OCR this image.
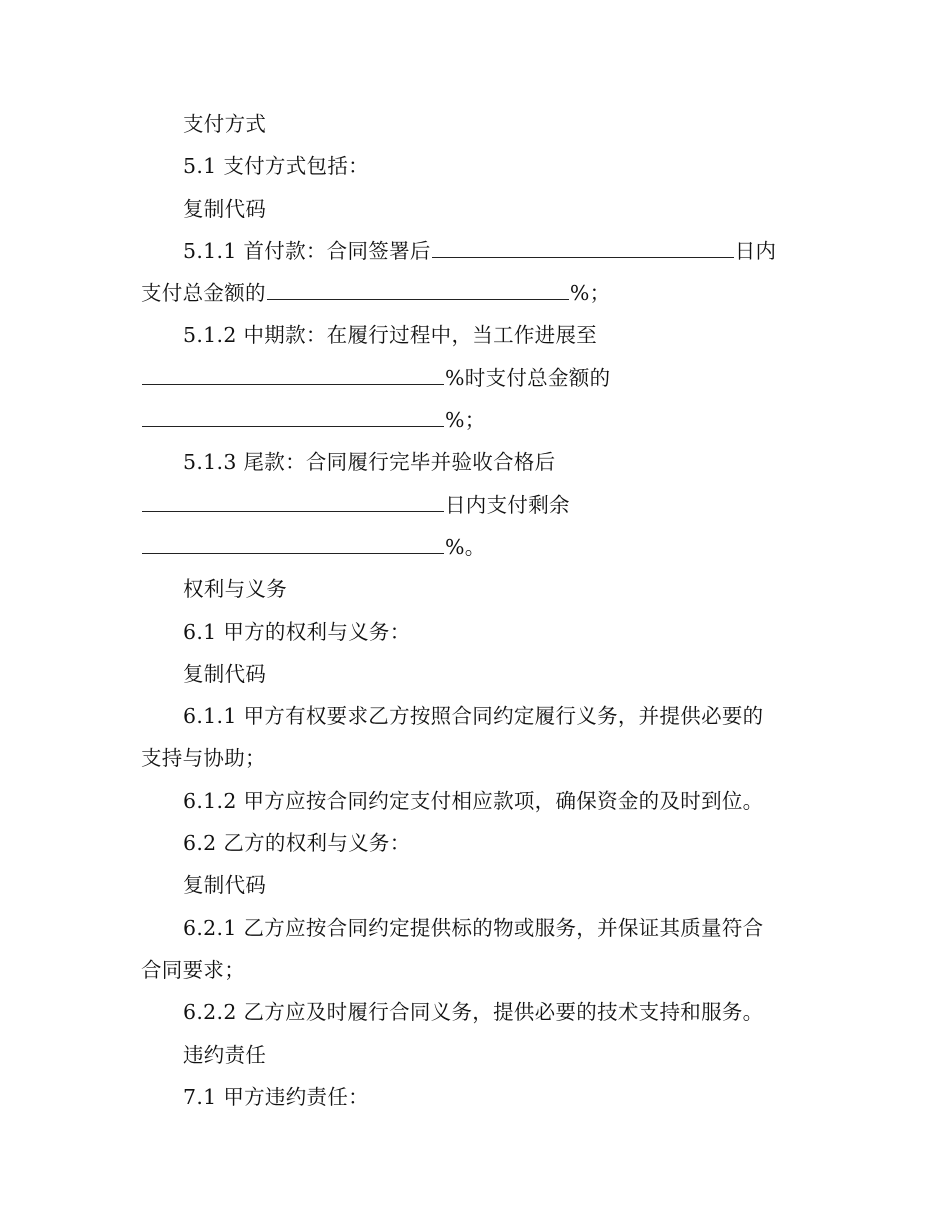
支付方式
5.1 支付方式包括：
复制代码
5.1.1 首付款：合同签署后	日内
支付总金额的	%；
5.1.2 中期款：在履行过程中，当工作进展至
%时支付总金额的
%；
5.1.3 尾款：合同履行完毕并验收合格后
日内支付剩余
%。
权利与义务
6.1 甲方的权利与义务：
复制代码
6.1.1 甲方有权要求乙方按照合同约定履行义务，并提供必要的
支持与协助；
6.1.2 甲方应按合同约定支付相应款项，确保资金的及时到位。
6.2 乙方的权利与义务：
复制代码
6.2.1 乙方应按合同约定提供标的物或服务，并保证其质量符合
合同要求；
6.2.2 乙方应及时履行合同义务，提供必要的技术支持和服务。
违约责任
7.1 甲方违约责任：
